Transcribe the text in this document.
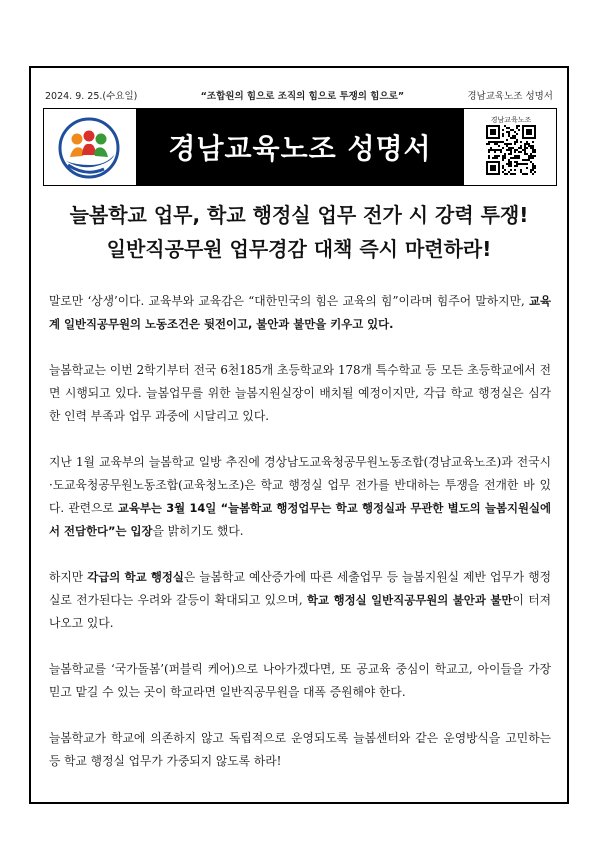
2024. 9. 25.(수요일)	“조합원의 힘으로 조직의 힘으로 투쟁의 힘으로”	경남교육노조 성명서
경남교육노조 성명서
경남교육노조
늘봄학교 업무, 학교 행정실 업무 전가 시 강력 투쟁!
일반직공무원 업무경감 대책 즉시 마련하라!

말로만 ‘상생’이다. 교육부와 교육감은 “대한민국의 힘은 교육의 힘”이라며 힘주어 말하지만, 교육계 일반직공무원의 노동조건은 뒷전이고, 불안과 불만을 키우고 있다.

늘봄학교는 이번 2학기부터 전국 6천185개 초등학교와 178개 특수학교 등 모든 초등학교에서 전면 시행되고 있다. 늘봄업무를 위한 늘봄지원실장이 배치될 예정이지만, 각급 학교 행정실은 심각한 인력 부족과 업무 과중에 시달리고 있다.

지난 1월 교육부의 늘봄학교 일방 추진에 경상남도교육청공무원노동조합(경남교육노조)과 전국시·도교육청공무원노동조합(교육청노조)은 학교 행정실 업무 전가를 반대하는 투쟁을 전개한 바 있다. 관련으로 교육부는 3월 14일 “늘봄학교 행정업무는 학교 행정실과 무관한 별도의 늘봄지원실에서 전담한다”는 입장을 밝히기도 했다.

하지만 각급의 학교 행정실은 늘봄학교 예산증가에 따른 세출업무 등 늘봄지원실 제반 업무가 행정실로 전가된다는 우려와 갈등이 확대되고 있으며, 학교 행정실 일반직공무원의 불안과 불만이 터져 나오고 있다.

늘봄학교를 ‘국가돌봄’(퍼블릭 케어)으로 나아가겠다면, 또 공교육 중심이 학교고, 아이들을 가장 믿고 맡길 수 있는 곳이 학교라면 일반직공무원을 대폭 증원해야 한다.

늘봄학교가 학교에 의존하지 않고 독립적으로 운영되도록 늘봄센터와 같은 운영방식을 고민하는 등 학교 행정실 업무가 가중되지 않도록 하라!
